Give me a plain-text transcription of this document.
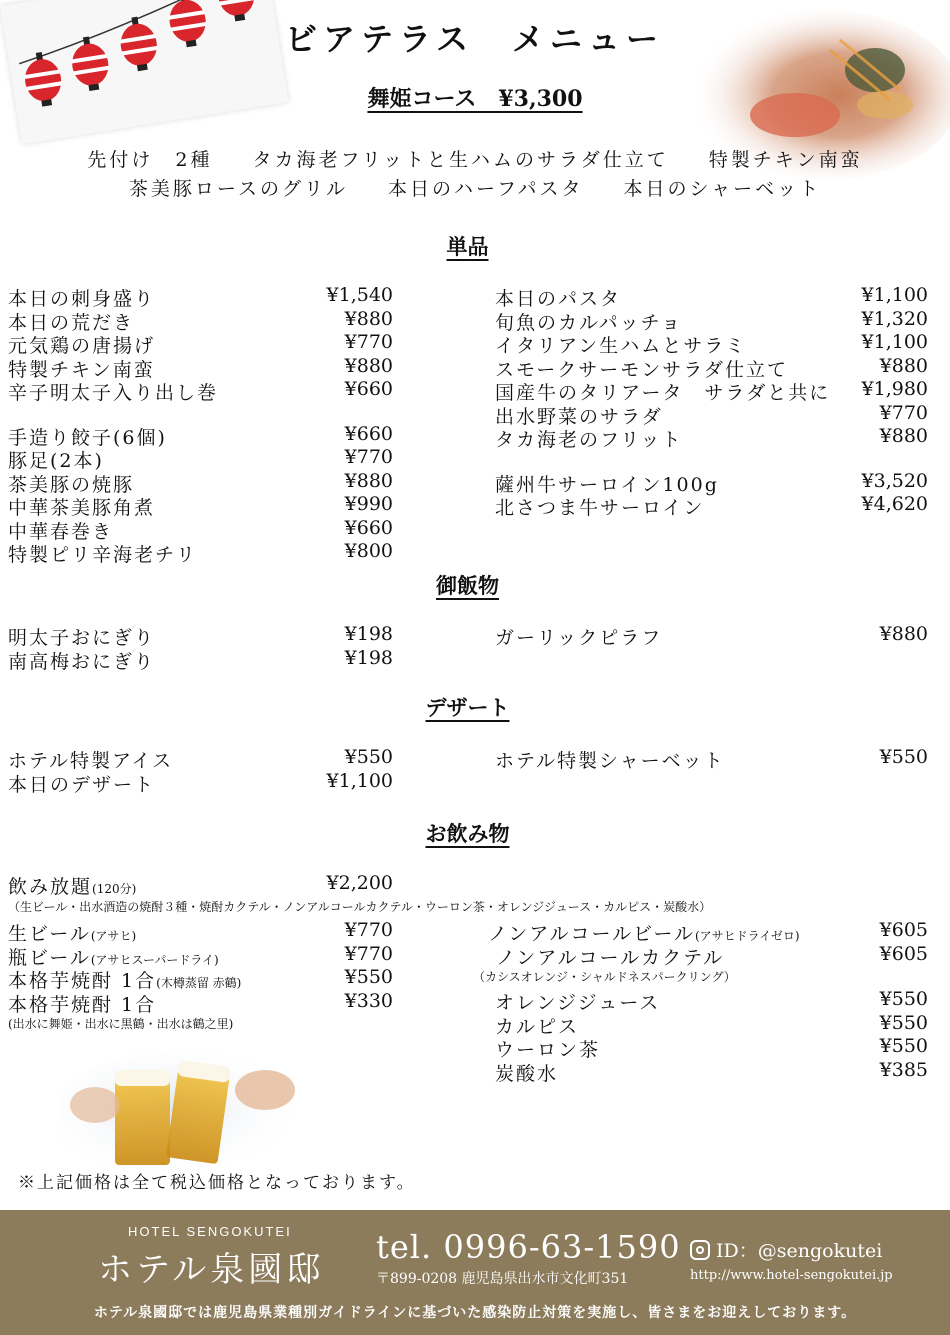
ビアテラス　メニュー
舞姫コース　¥3,300
先付け　2種 タカ海老フリットと生ハムのサラダ仕立て 特製チキン南蛮
茶美豚ロースのグリル 本日のハーフパスタ 本日のシャーベット
単品
本日の刺身盛り	¥1,540
本日の荒だき	¥880
元気鶏の唐揚げ	¥770
特製チキン南蛮	¥880
辛子明太子入り出し巻	¥660
手造り餃子(6個)	¥660
豚足(2本)	¥770
茶美豚の焼豚	¥880
中華茶美豚角煮	¥990
中華春巻き	¥660
特製ピリ辛海老チリ	¥800
本日のパスタ	¥1,100
旬魚のカルパッチョ	¥1,320
イタリアン生ハムとサラミ	¥1,100
スモークサーモンサラダ仕立て	¥880
国産牛のタリアータ　サラダと共に ¥1,980
出水野菜のサラダ	¥770
タカ海老のフリット	¥880
薩州牛サーロイン100g	¥3,520
北さつま牛サーロイン	¥4,620
御飯物
明太子おにぎり	¥198
南高梅おにぎり	¥198
ガーリックピラフ	¥880
デザート
ホテル特製アイス	¥550
本日のデザート	¥1,100
ホテル特製シャーベット	¥550
お飲み物
飲み放題(120分)	¥2,200
（生ビール・出水酒造の焼酎３種・焼酎カクテル・ノンアルコールカクテル・ウーロン茶・オレンジジュース・カルピス・炭酸水）
生ビール(アサヒ)	¥770
瓶ビール(アサヒスーパードライ)	¥770
本格芋焼酎 1合(木樽蒸留 赤鶴)	¥550
本格芋焼酎 1合	¥330
(出水に舞姫・出水に黒鶴・出水は鶴之里)
ノンアルコールビール(アサヒドライゼロ)	¥605
ノンアルコールカクテル	¥605
（カシスオレンジ・シャルドネスパークリング）
オレンジジュース	¥550
カルピス	¥550
ウーロン茶	¥550
炭酸水	¥385
※上記価格は全て税込価格となっております。
HOTEL SENGOKUTEI
ホテル泉國邸
tel. 0996-63-1590
〒899-0208 鹿児島県出水市文化町351
ID：@sengokutei
http://www.hotel-sengokutei.jp
ホテル泉國邸では鹿児島県業種別ガイドラインに基づいた感染防止対策を実施し、皆さまをお迎えしております。
